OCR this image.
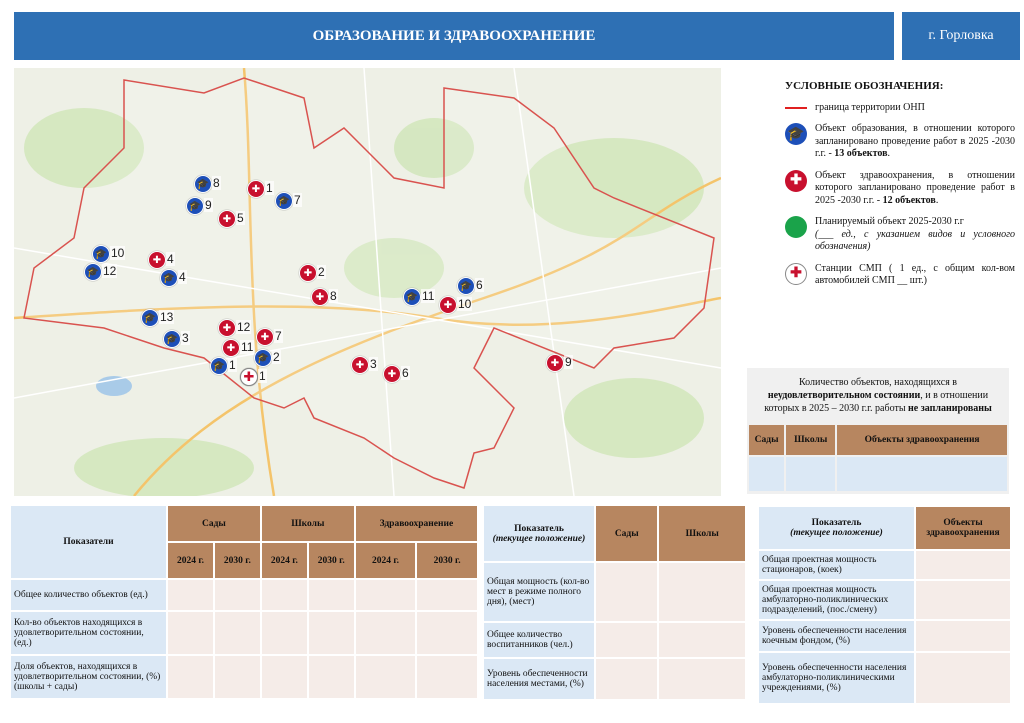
ОБРАЗОВАНИЕ И ЗДРАВООХРАНЕНИЕ	г. Горловка
🎓 8
🎓 9	🎓 7
🎓 10
🎓 12	🎓 4
🎓 13
🎓 3
🎓 2
🎓 1
🎓 11
🎓 6
✚ 1
✚ 5
✚ 4
✚ 2
✚ 8
✚ 12
✚ 7
✚ 11
✚ 3
✚ 6
✚ 10
✚ 9
✚ 1
УСЛОВНЫЕ ОБОЗНАЧЕНИЯ:

граница территории ОНП

🎓 Объект образования, в отношении которого запланировано проведение работ в 2025 -2030 г.г. - 13 объектов.

✚	Объект здравоохранения, в отношении которого запланировано проведение работ в 2025 -2030 г.г. - 12 объектов.

Планируемый объект 2025-2030 г.г
(___ ед., с указанием видов и условного обозначения)

✚	Станции СМП ( 1 ед., с общим кол-вом автомобилей СМП __ шт.)

Количество объектов, находящихся в неудовлетворительном состоянии, и в отношении которых в 2025 – 2030 г.г. работы не запланированы

Сады	Школы	Объекты здравоохранения

Показатели	Сады		Школы		Здравоохранение	
	2024 г.	2030 г.	2024 г.	2030 г.	2024 г.	2030 г.
Общее количество объектов (ед.)						
Кол-во объектов находящихся в удовлетворительном состоянии, (ед.)						
Доля объектов, находящихся в удовлетворительном состоянии, (%) (школы + сады)						
Показатель
(текущее положение)	Сады	Школы
Общая мощность (кол-во мест в режиме полного дня), (мест)		
Общее количество воспитанников (чел.)		
Уровень обеспеченности населения местами, (%)		
Показатель
(текущее положение)	Объекты здравоохранения
Общая проектная мощность стационаров, (коек)	
Общая проектная мощность амбулаторно-поликлинических подразделений, (пос./смену)	
Уровень обеспеченности населения коечным фондом, (%)	
Уровень обеспеченности населения амбулаторно-поликлиническими учреждениями, (%)	
